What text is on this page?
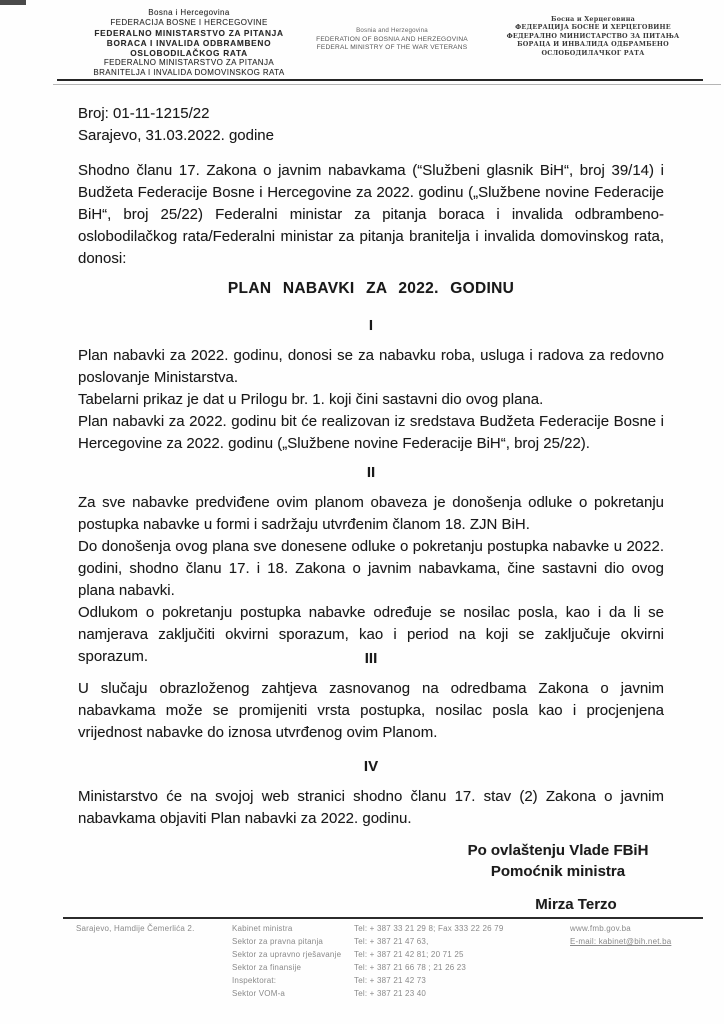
Bosna i Hercegovina
FEDERACIJA BOSNE I HERCEGOVINE
FEDERALNO MINISTARSTVO ZA PITANJA
BORACA I INVALIDA ODBRAMBENO
OSLOBODILAČKOG RATA
FEDERALNO MINISTARSTVO ZA PITANJA
BRANITELJA I INVALIDA DOMOVINSKOG RATA
Bosnia and Herzegovina
FEDERATION OF BOSNIA AND HERZEGOVINA
FEDERAL MINISTRY OF THE WAR VETERANS
Босна и Херцеговина
ФЕДЕРАЦИЈА БОСНЕ И ХЕРЦЕГОВИНЕ
ФЕДЕРАЛНО МИНИСТАРСТВО ЗА ПИТАЊА
БОРАЦА И ИНВАЛИДА ОДБРАМБЕНО
ОСЛОБОДИЛАЧКОГ РАТА
Broj: 01-11-1215/22
Sarajevo, 31.03.2022. godine

Shodno članu 17. Zakona o javnim nabavkama (“Službeni glasnik BiH“, broj 39/14) i Budžeta Federacije Bosne i Hercegovine za 2022. godinu („Službene novine Federacije BiH“, broj 25/22) Federalni ministar za pitanja boraca i invalida odbrambeno-oslobodilačkog rata/Federalni ministar za pitanja branitelja i invalida domovinskog rata, donosi:

PLAN NABAVKI ZA 2022. GODINU
I

Plan nabavki za 2022. godinu, donosi se za nabavku roba, usluga i radova za redovno poslovanje Ministarstva.

Tabelarni prikaz je dat u Prilogu br. 1. koji čini sastavni dio ovog plana.

Plan nabavki za 2022. godinu bit će realizovan iz sredstava Budžeta Federacije Bosne i Hercegovine za 2022. godinu („Službene novine Federacije BiH“, broj 25/22).

II

Za sve nabavke predviđene ovim planom obaveza je donošenja odluke o pokretanju postupka nabavke u formi i sadržaju utvrđenim članom 18. ZJN BiH.

Do donošenja ovog plana sve donesene odluke o pokretanju postupka nabavke u 2022. godini, shodno članu 17. i 18. Zakona o javnim nabavkama, čine sastavni dio ovog plana nabavki.

Odlukom o pokretanju postupka nabavke određuje se nosilac posla, kao i da li se namjerava zaključiti okvirni sporazum, kao i period na koji se zaključuje okvirni sporazum.	III

U slučaju obrazloženog zahtjeva zasnovanog na odredbama Zakona o javnim nabavkama može se promijeniti vrsta postupka, nosilac posla kao i procjenjena vrijednost nabavke do iznosa utvrđenog ovim Planom.

IV

Ministarstvo će na svojoj web stranici shodno članu 17. stav (2) Zakona o javnim nabavkama objaviti Plan nabavki za 2022. godinu.

Po ovlaštenju Vlade FBiH
Pomoćnik ministra
Mirza Terzo
Sarajevo, Hamdije Čemerlića 2.	Kabinet ministra
Sektor za pravna pitanja
Sektor za upravno rješavanje
Sektor za finansije
Inspektorat:
Sektor VOM-a
Tel: + 387 33 21 29 8; Fax 333 22 26 79
Tel: + 387 21 47 63,
Tel: + 387 21 42 81; 20 71 25
Tel: + 387 21 66 78 ; 21 26 23
Tel: + 387 21 42 73
Tel: + 387 21 23 40
www.fmb.gov.ba
E-mail: kabinet@bih.net.ba
